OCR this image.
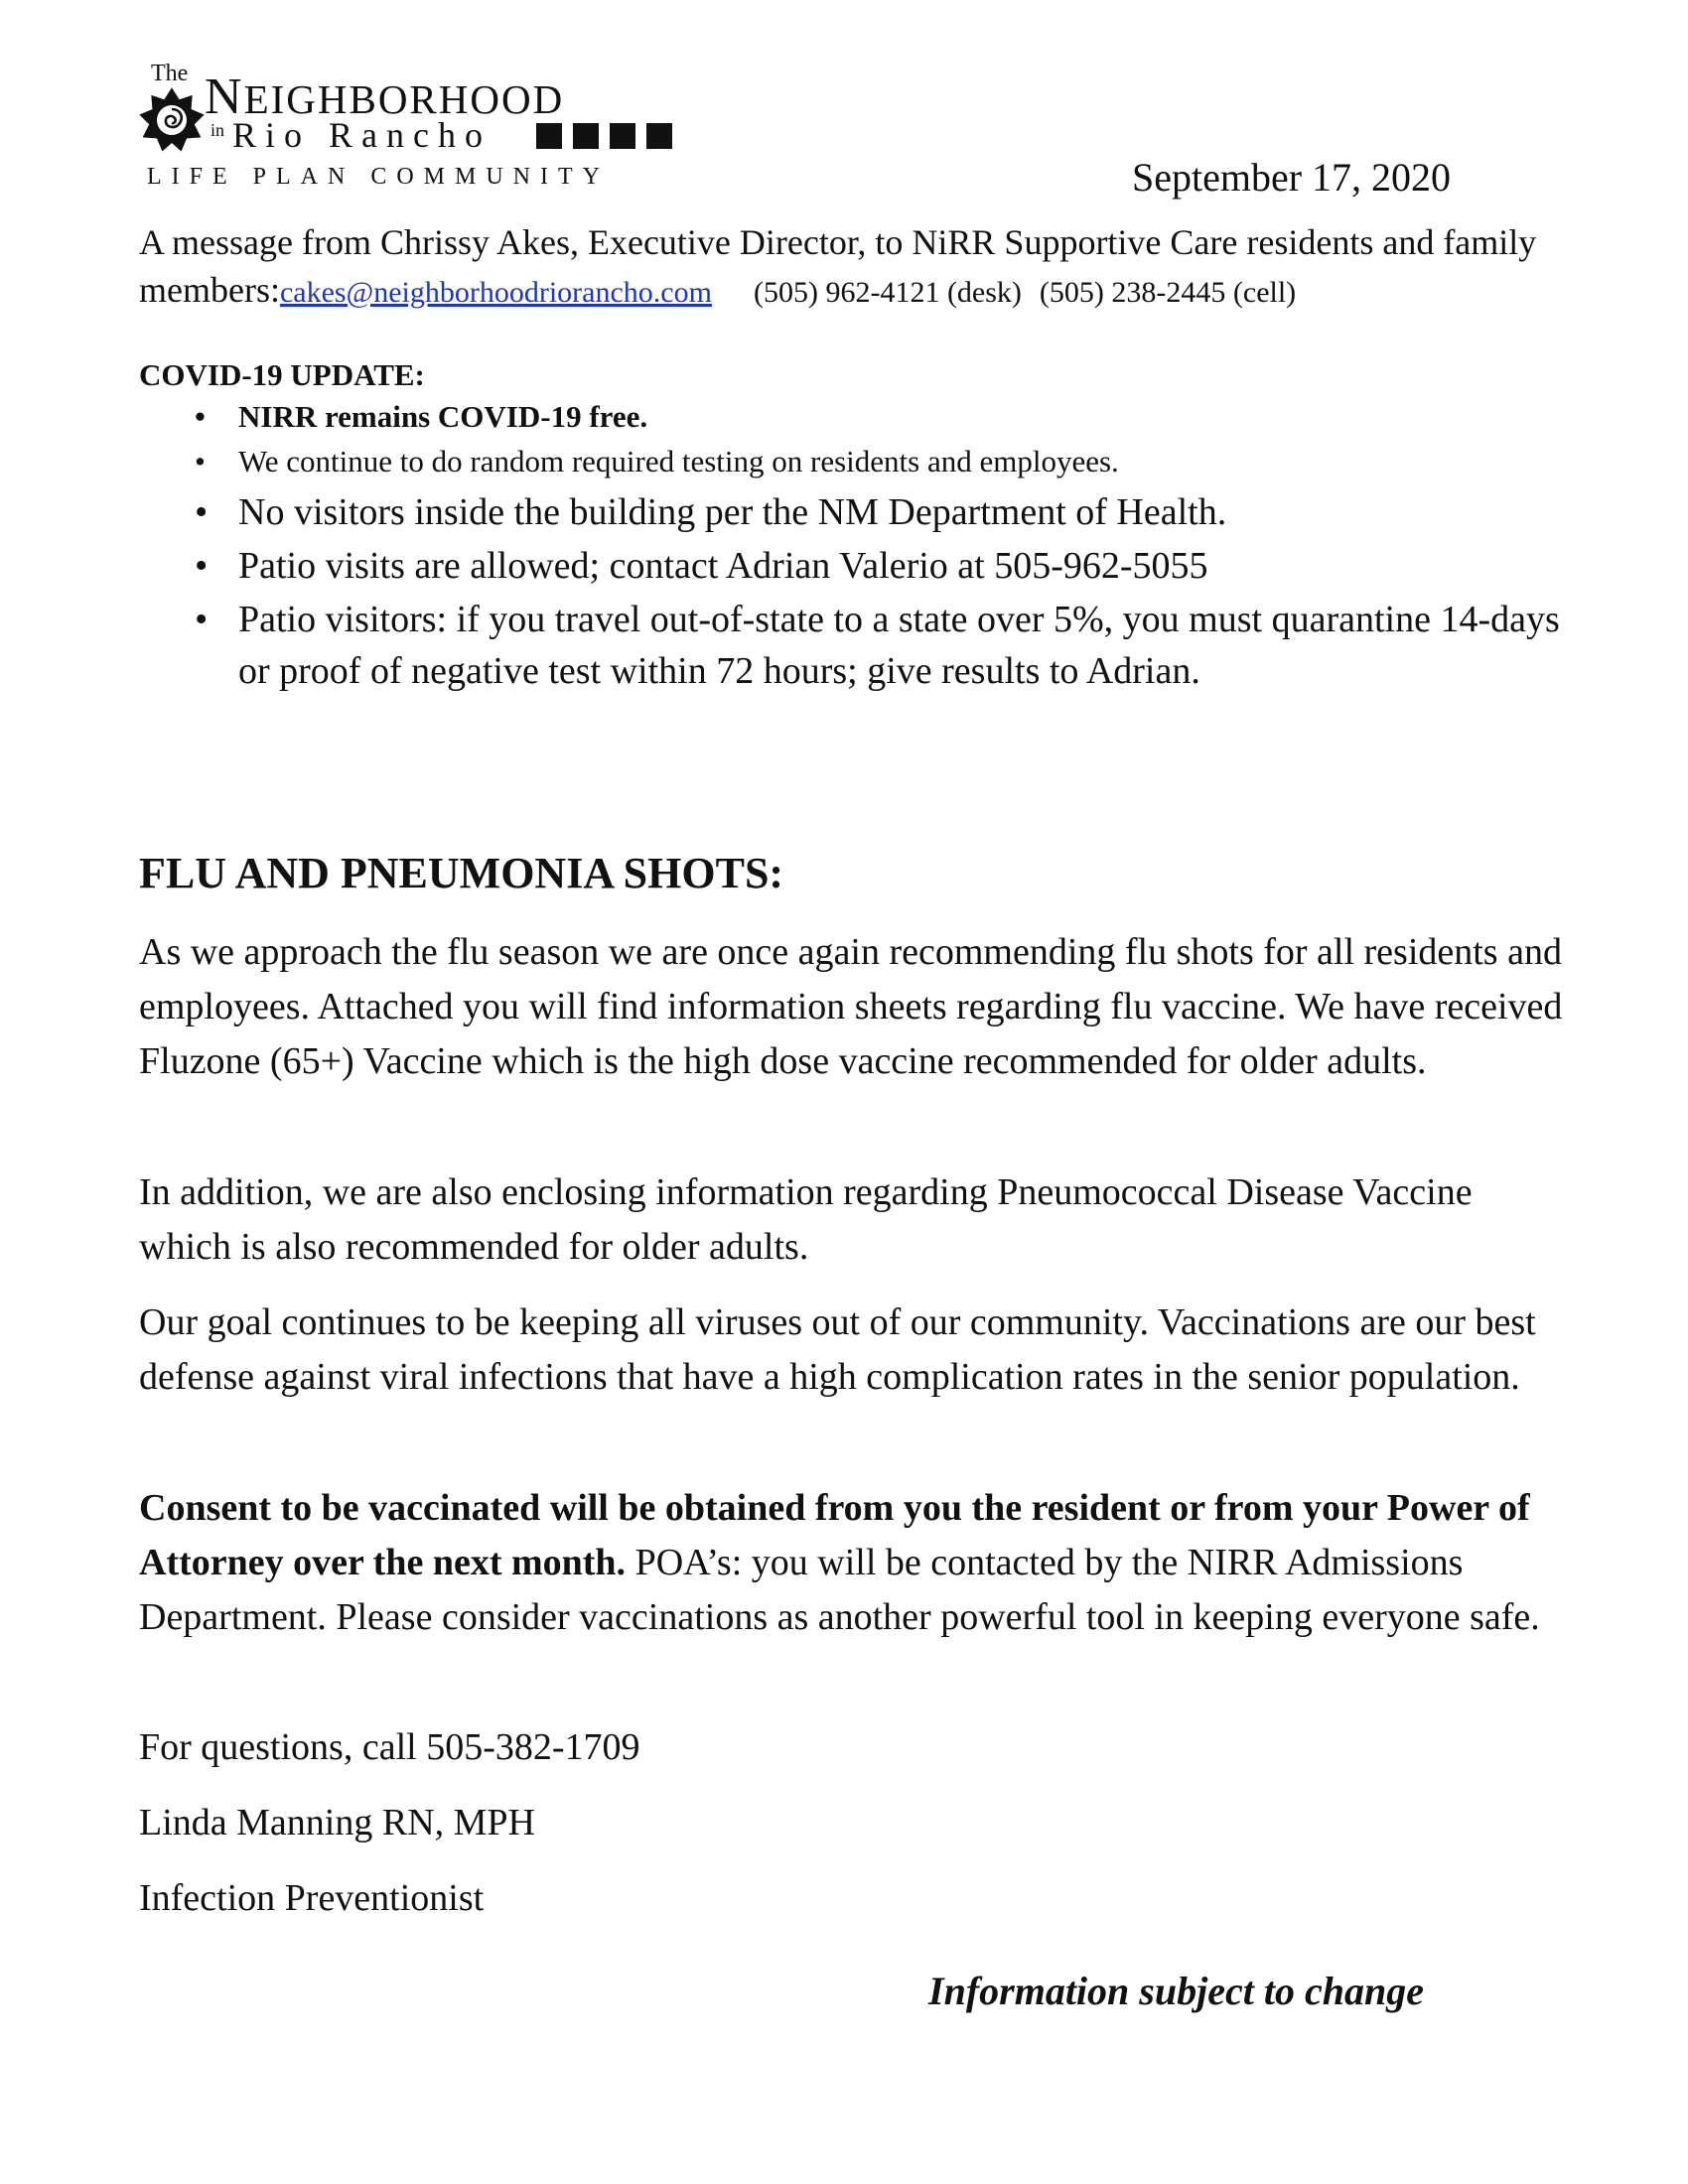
The NEIGHBORHOOD
in Rio Rancho
LIFE PLAN COMMUNITY	September 17, 2020

A message from Chrissy Akes, Executive Director, to NiRR Supportive Care residents and family members:cakes@neighborhoodriorancho.com (505) 962-4121 (desk) (505) 238-2445 (cell)

COVID-19 UPDATE:
• NIRR remains COVID-19 free.
• We continue to do random required testing on residents and employees.
• No visitors inside the building per the NM Department of Health.
• Patio visits are allowed; contact Adrian Valerio at 505-962-5055
• Patio visitors: if you travel out-of-state to a state over 5%, you must quarantine 14-days or proof of negative test within 72 hours; give results to Adrian.
FLU AND PNEUMONIA SHOTS:

As we approach the flu season we are once again recommending flu shots for all residents and employees. Attached you will find information sheets regarding flu vaccine. We have received Fluzone (65+) Vaccine which is the high dose vaccine recommended for older adults.

In addition, we are also enclosing information regarding Pneumococcal Disease Vaccine which is also recommended for older adults.

Our goal continues to be keeping all viruses out of our community. Vaccinations are our best defense against viral infections that have a high complication rates in the senior population.

Consent to be vaccinated will be obtained from you the resident or from your Power of Attorney over the next month. POA’s: you will be contacted by the NIRR Admissions Department. Please consider vaccinations as another powerful tool in keeping everyone safe.

For questions, call 505-382-1709

Linda Manning RN, MPH

Infection Preventionist

Information subject to change
